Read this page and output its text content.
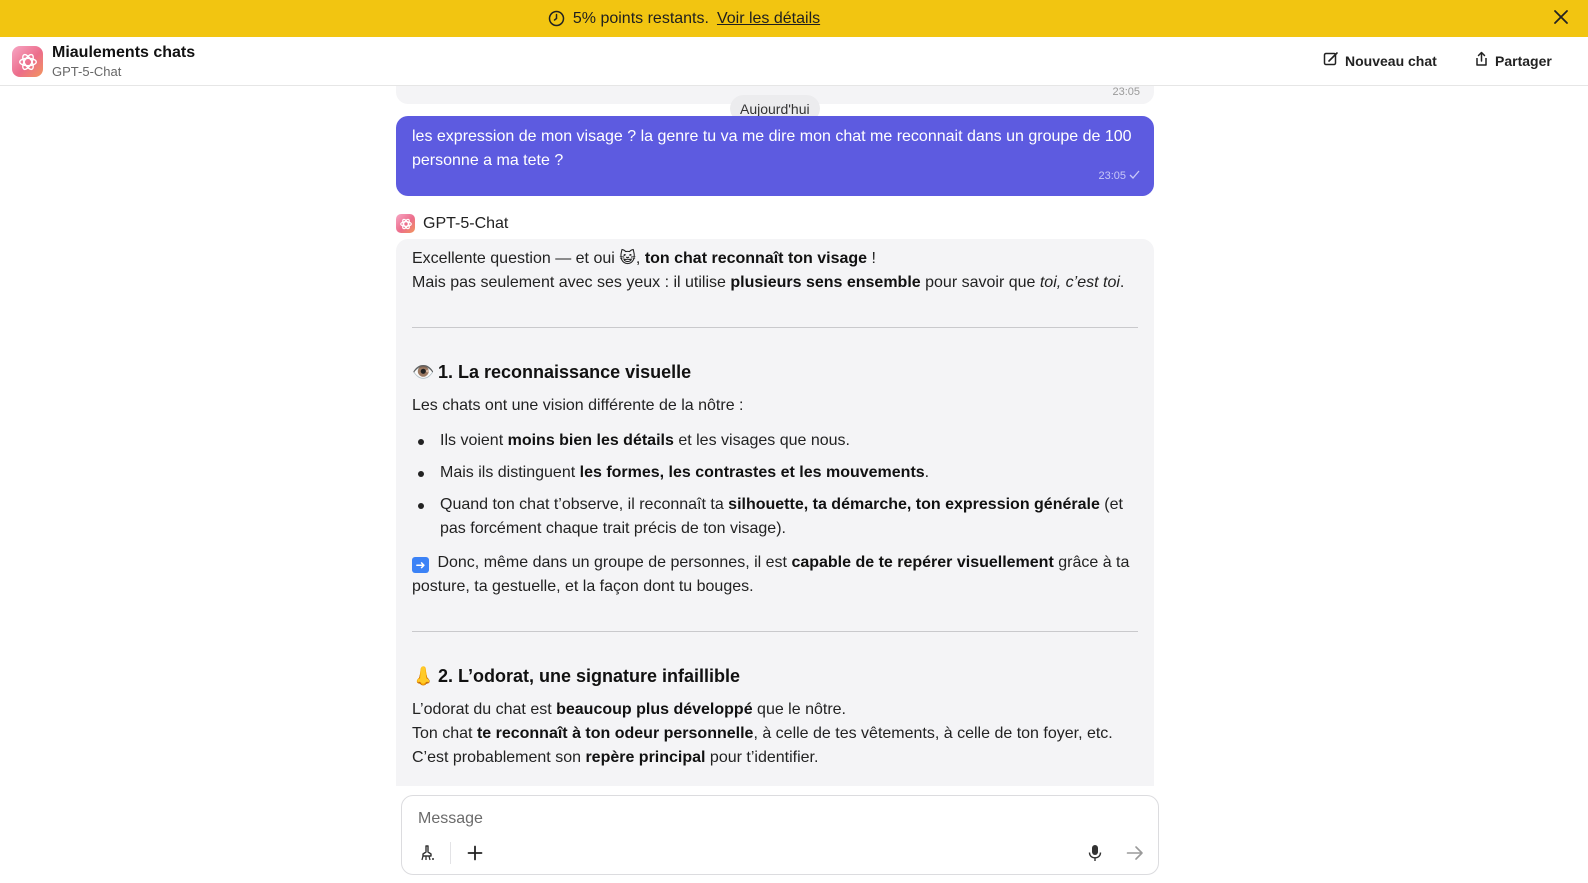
5% points restants. Voir les détails
Miaulements chats
GPT-5-Chat
Nouveau chat	Partager
23:05
Aujourd'hui
les expression de mon visage ? la genre tu va me dire mon chat me reconnait dans un groupe de 100 personne a ma tete ?
23:05
GPT-5-Chat
Excellente question — et oui 😺, ton chat reconnaît ton visage !
Mais pas seulement avec ses yeux : il utilise plusieurs sens ensemble pour savoir que toi, c’est toi.
👁️ 1. La reconnaissance visuelle
Les chats ont une vision différente de la nôtre :
Ils voient moins bien les détails et les visages que nous.
Mais ils distinguent les formes, les contrastes et les mouvements.
Quand ton chat t’observe, il reconnaît ta silhouette, ta démarche, ton expression générale (et pas forcément chaque trait précis de ton visage).
➜ Donc, même dans un groupe de personnes, il est capable de te repérer visuellement grâce à ta posture, ta gestuelle, et la façon dont tu bouges.
👃 2. L’odorat, une signature infaillible
L’odorat du chat est beaucoup plus développé que le nôtre.
Ton chat te reconnaît à ton odeur personnelle, à celle de tes vêtements, à celle de ton foyer, etc.
C’est probablement son repère principal pour t’identifier.
Message
